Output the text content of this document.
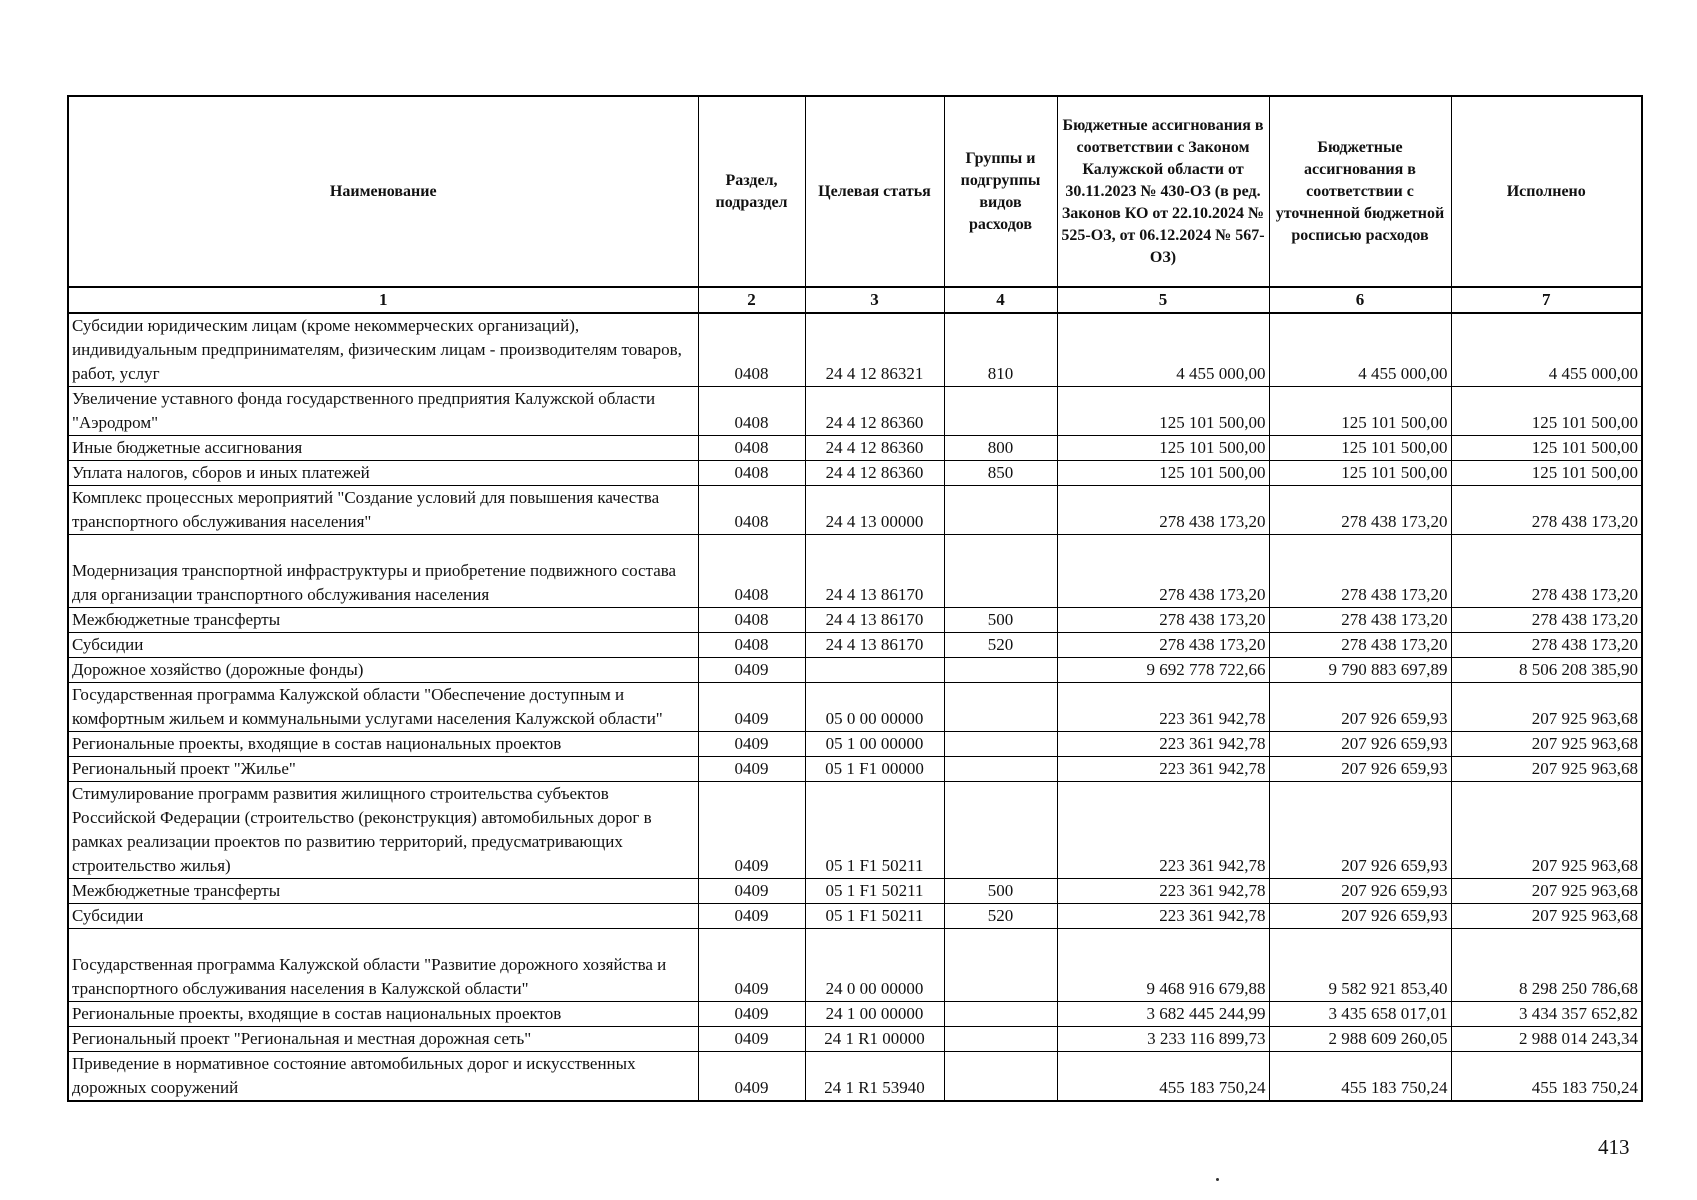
Наименование	Раздел, подраздел	Целевая статья	Группы и подгруппы видов расходов	Бюджетные ассигнования в соответствии с Законом Калужской области от 30.11.2023 № 430-ОЗ (в ред. Законов КО от 22.10.2024 № 525-ОЗ, от 06.12.2024 № 567-ОЗ)	Бюджетные ассигнования в соответствии с уточненной бюджетной росписью расходов	Исполнено
1	2	3	4	5	6	7
Субсидии юридическим лицам (кроме некоммерческих организаций), индивидуальным предпринимателям, физическим лицам - производителям товаров, работ, услуг	0408	24 4 12 86321	810	4 455 000,00	4 455 000,00	4 455 000,00
Увеличение уставного фонда государственного предприятия Калужской области "Аэродром"	0408	24 4 12 86360		125 101 500,00	125 101 500,00	125 101 500,00
Иные бюджетные ассигнования	0408	24 4 12 86360	800	125 101 500,00	125 101 500,00	125 101 500,00
Уплата налогов, сборов и иных платежей	0408	24 4 12 86360	850	125 101 500,00	125 101 500,00	125 101 500,00
Комплекс процессных мероприятий "Создание условий для повышения качества транспортного обслуживания населения"	0408	24 4 13 00000		278 438 173,20	278 438 173,20	278 438 173,20
Модернизация транспортной инфраструктуры и приобретение подвижного состава для организации транспортного обслуживания населения	0408	24 4 13 86170		278 438 173,20	278 438 173,20	278 438 173,20
Межбюджетные трансферты	0408	24 4 13 86170	500	278 438 173,20	278 438 173,20	278 438 173,20
Субсидии	0408	24 4 13 86170	520	278 438 173,20	278 438 173,20	278 438 173,20
Дорожное хозяйство (дорожные фонды)	0409			9 692 778 722,66	9 790 883 697,89	8 506 208 385,90
Государственная программа Калужской области "Обеспечение доступным и комфортным жильем и коммунальными услугами населения Калужской области"	0409	05 0 00 00000		223 361 942,78	207 926 659,93	207 925 963,68
Региональные проекты, входящие в состав национальных проектов	0409	05 1 00 00000		223 361 942,78	207 926 659,93	207 925 963,68
Региональный проект "Жилье"	0409	05 1 F1 00000		223 361 942,78	207 926 659,93	207 925 963,68
Стимулирование программ развития жилищного строительства субъектов Российской Федерации (строительство (реконструкция) автомобильных дорог в рамках реализации проектов по развитию территорий, предусматривающих строительство жилья)	0409	05 1 F1 50211		223 361 942,78	207 926 659,93	207 925 963,68
Межбюджетные трансферты	0409	05 1 F1 50211	500	223 361 942,78	207 926 659,93	207 925 963,68
Субсидии	0409	05 1 F1 50211	520	223 361 942,78	207 926 659,93	207 925 963,68
Государственная программа Калужской области "Развитие дорожного хозяйства и транспортного обслуживания населения в Калужской области"	0409	24 0 00 00000		9 468 916 679,88	9 582 921 853,40	8 298 250 786,68
Региональные проекты, входящие в состав национальных проектов	0409	24 1 00 00000		3 682 445 244,99	3 435 658 017,01	3 434 357 652,82
Региональный проект "Региональная и местная дорожная сеть"	0409	24 1 R1 00000		3 233 116 899,73	2 988 609 260,05	2 988 014 243,34
Приведение в нормативное состояние автомобильных дорог и искусственных дорожных сооружений	0409	24 1 R1 53940		455 183 750,24	455 183 750,24	455 183 750,24
413
